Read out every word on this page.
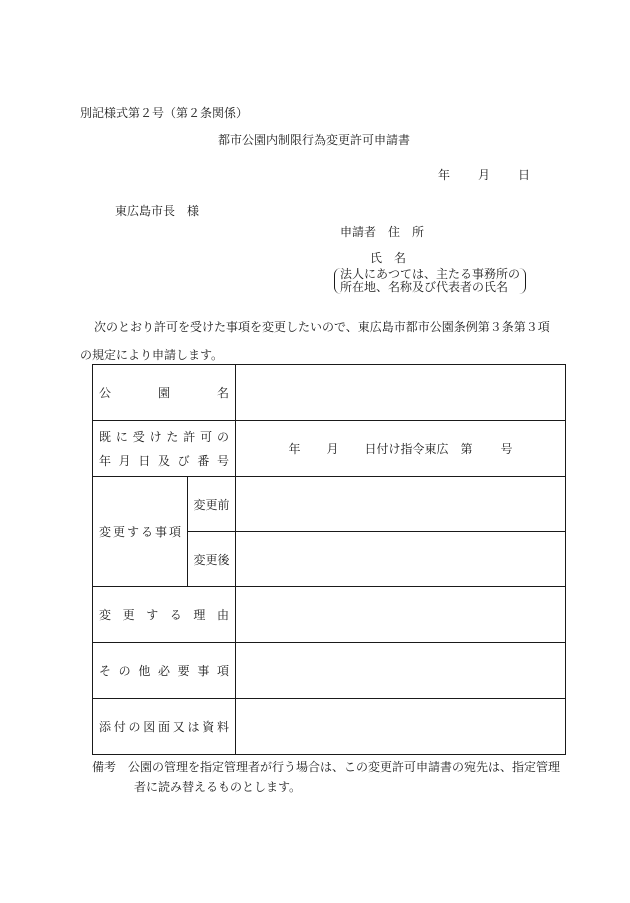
別記様式第２号（第２条関係）
都市公園内制限行為変更許可申請書
年 月 日
東広島市長　様
申請者　住　所
氏　名
法人にあつては、主たる事務所の
所在地、名称及び代表者の氏名
次のとおり許可を受けた事項を変更したいので、東広島市都市公園条例第３条第３項の規定により申請します。
公　園　名		

既に受けた許可の
年月日及び番号		年 月 日付け指令東広 第 号

変更する事項	変更前	
	変更後	

変更する理由		

その他必要事項		

添付の図面又は資料		

備考　公園の管理を指定管理者が行う場合は、この変更許可申請書の宛先は、指定管理
者に読み替えるものとします。
